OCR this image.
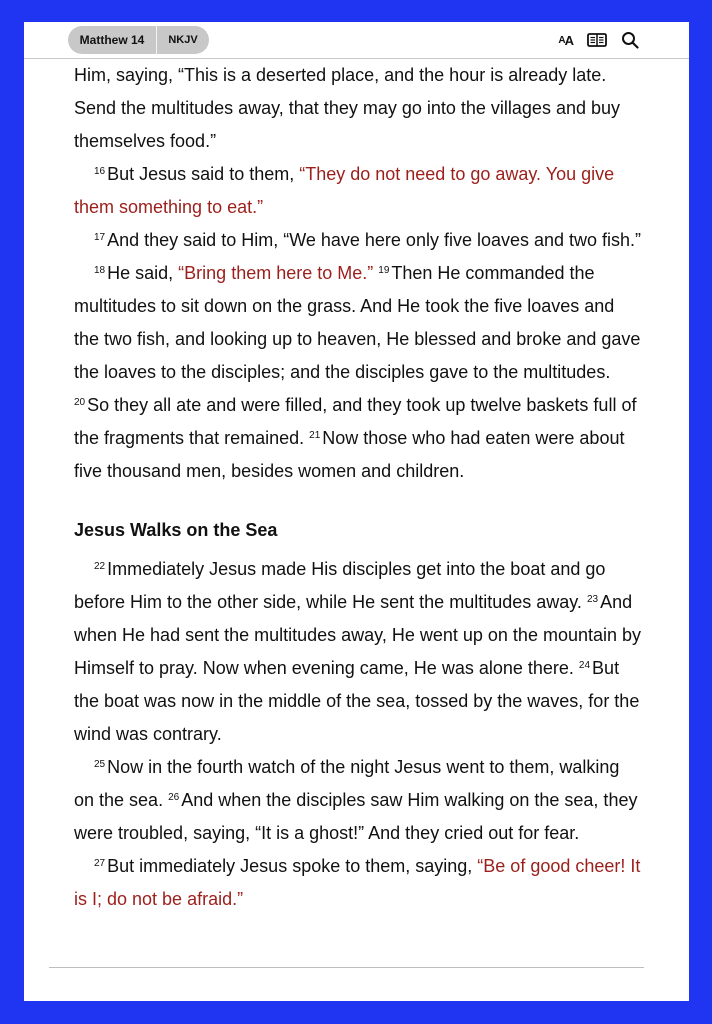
Matthew 14	NKJV	A A

Him, saying, “This is a deserted place, and the hour is already late. Send the multitudes away, that they may go into the villages and buy themselves food.”

$^{16}$ But Jesus said to them, “They do not need to go away. You give them something to eat.”

$^{17}$ And they said to Him, “We have here only five loaves and two fish.”

$^{18}$ He said, “Bring them here to Me.” $^{19}$ Then He commanded the multitudes to sit down on the grass. And He took the five loaves and the two fish, and looking up to heaven, He blessed and broke and gave the loaves to the disciples; and the disciples gave to the multitudes. $^{20}$ So they all ate and were filled, and they took up twelve baskets full of the fragments that remained. $^{21}$ Now those who had eaten were about five thousand men, besides women and children.

Jesus Walks on the Sea

$^{22}$ Immediately Jesus made His disciples get into the boat and go before Him to the other side, while He sent the multitudes away. $^{23}$ And when He had sent the multitudes away, He went up on the mountain by Himself to pray. Now when evening came, He was alone there. $^{24}$ But the boat was now in the middle of the sea, tossed by the waves, for the wind was contrary.

$^{25}$ Now in the fourth watch of the night Jesus went to them, walking on the sea. $^{26}$ And when the disciples saw Him walking on the sea, they were troubled, saying, “It is a ghost!” And they cried out for fear.

$^{27}$ But immediately Jesus spoke to them, saying, “Be of good cheer! It is I; do not be afraid.”
